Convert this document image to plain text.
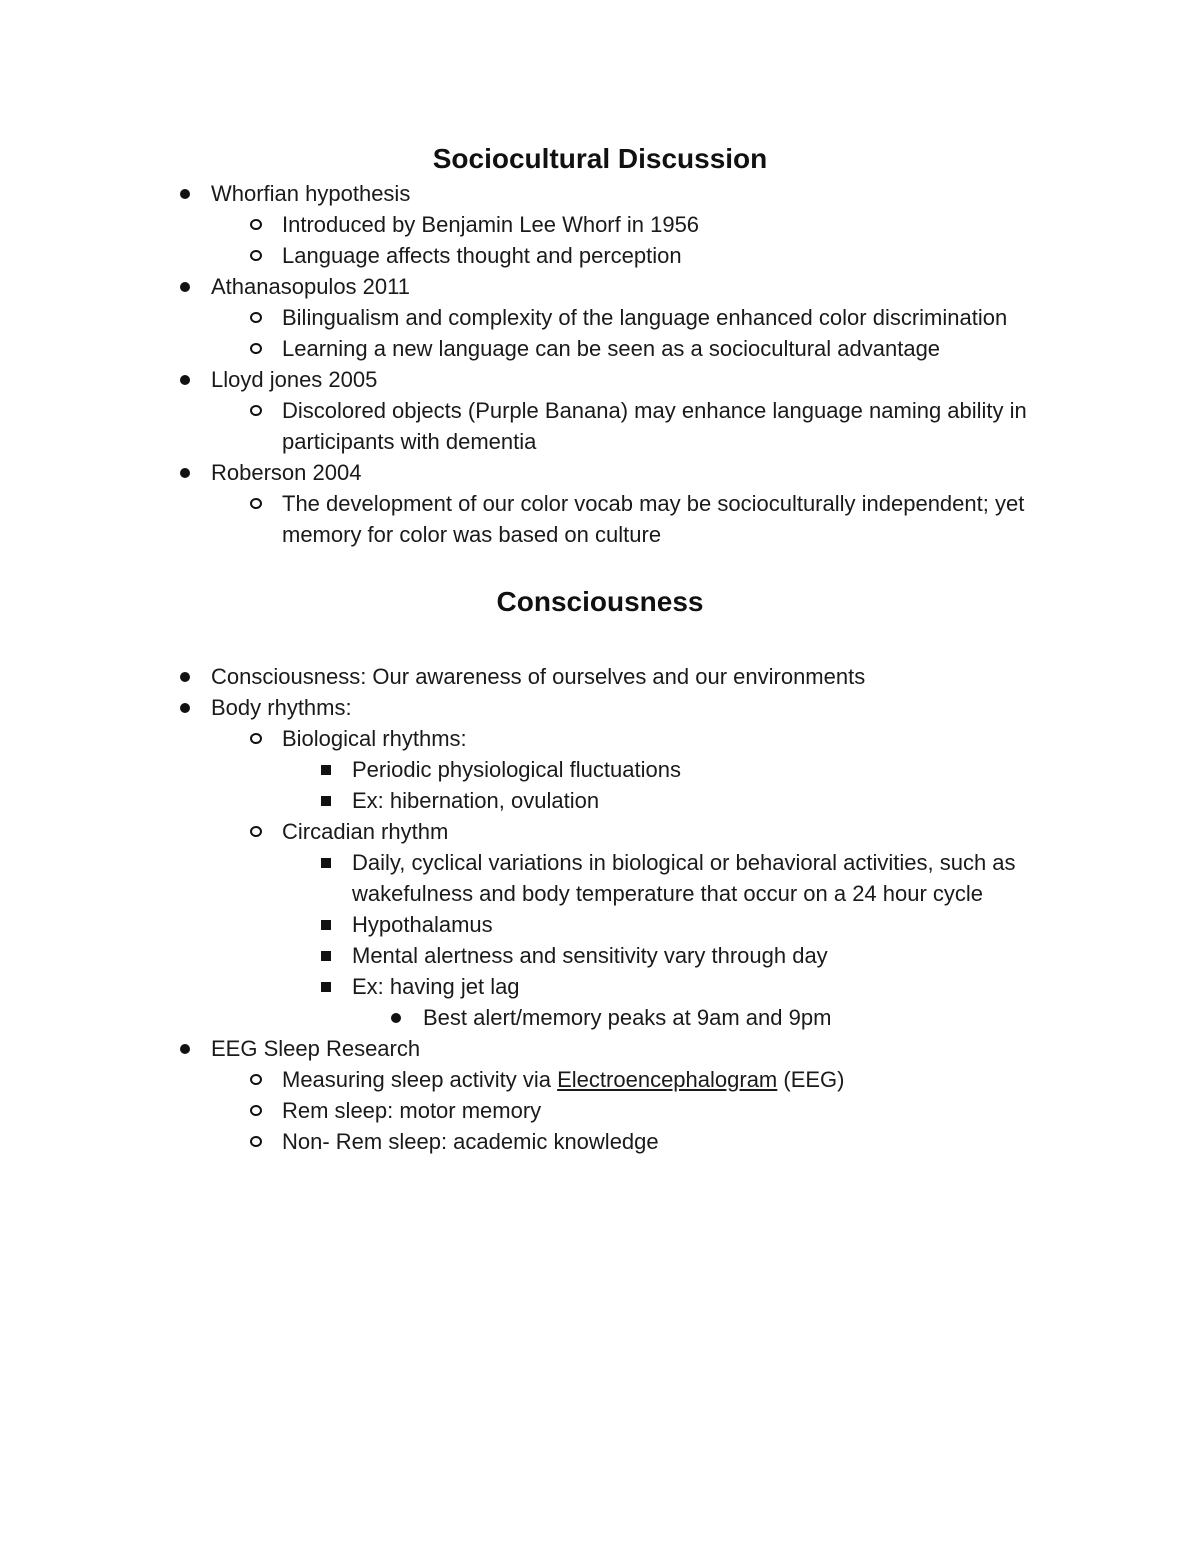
Sociocultural Discussion
Whorfian hypothesis
Introduced by Benjamin Lee Whorf in 1956
Language affects thought and perception
Athanasopulos 2011
Bilingualism and complexity of the language enhanced color discrimination
Learning a new language can be seen as a sociocultural advantage
Lloyd jones 2005
Discolored objects (Purple Banana) may enhance language naming ability in participants with dementia
Roberson 2004
The development of our color vocab may be socioculturally independent; yet memory for color was based on culture
Consciousness
Consciousness: Our awareness of ourselves and our environments
Body rhythms:
Biological rhythms:
Periodic physiological fluctuations
Ex: hibernation, ovulation
Circadian rhythm
Daily, cyclical variations in biological or behavioral activities, such as wakefulness and body temperature that occur on a 24 hour cycle
Hypothalamus
Mental alertness and sensitivity vary through day
Ex: having jet lag
Best alert/memory peaks at 9am and 9pm
EEG Sleep Research
Measuring sleep activity via Electroencephalogram (EEG)
Rem sleep: motor memory
Non- Rem sleep: academic knowledge
